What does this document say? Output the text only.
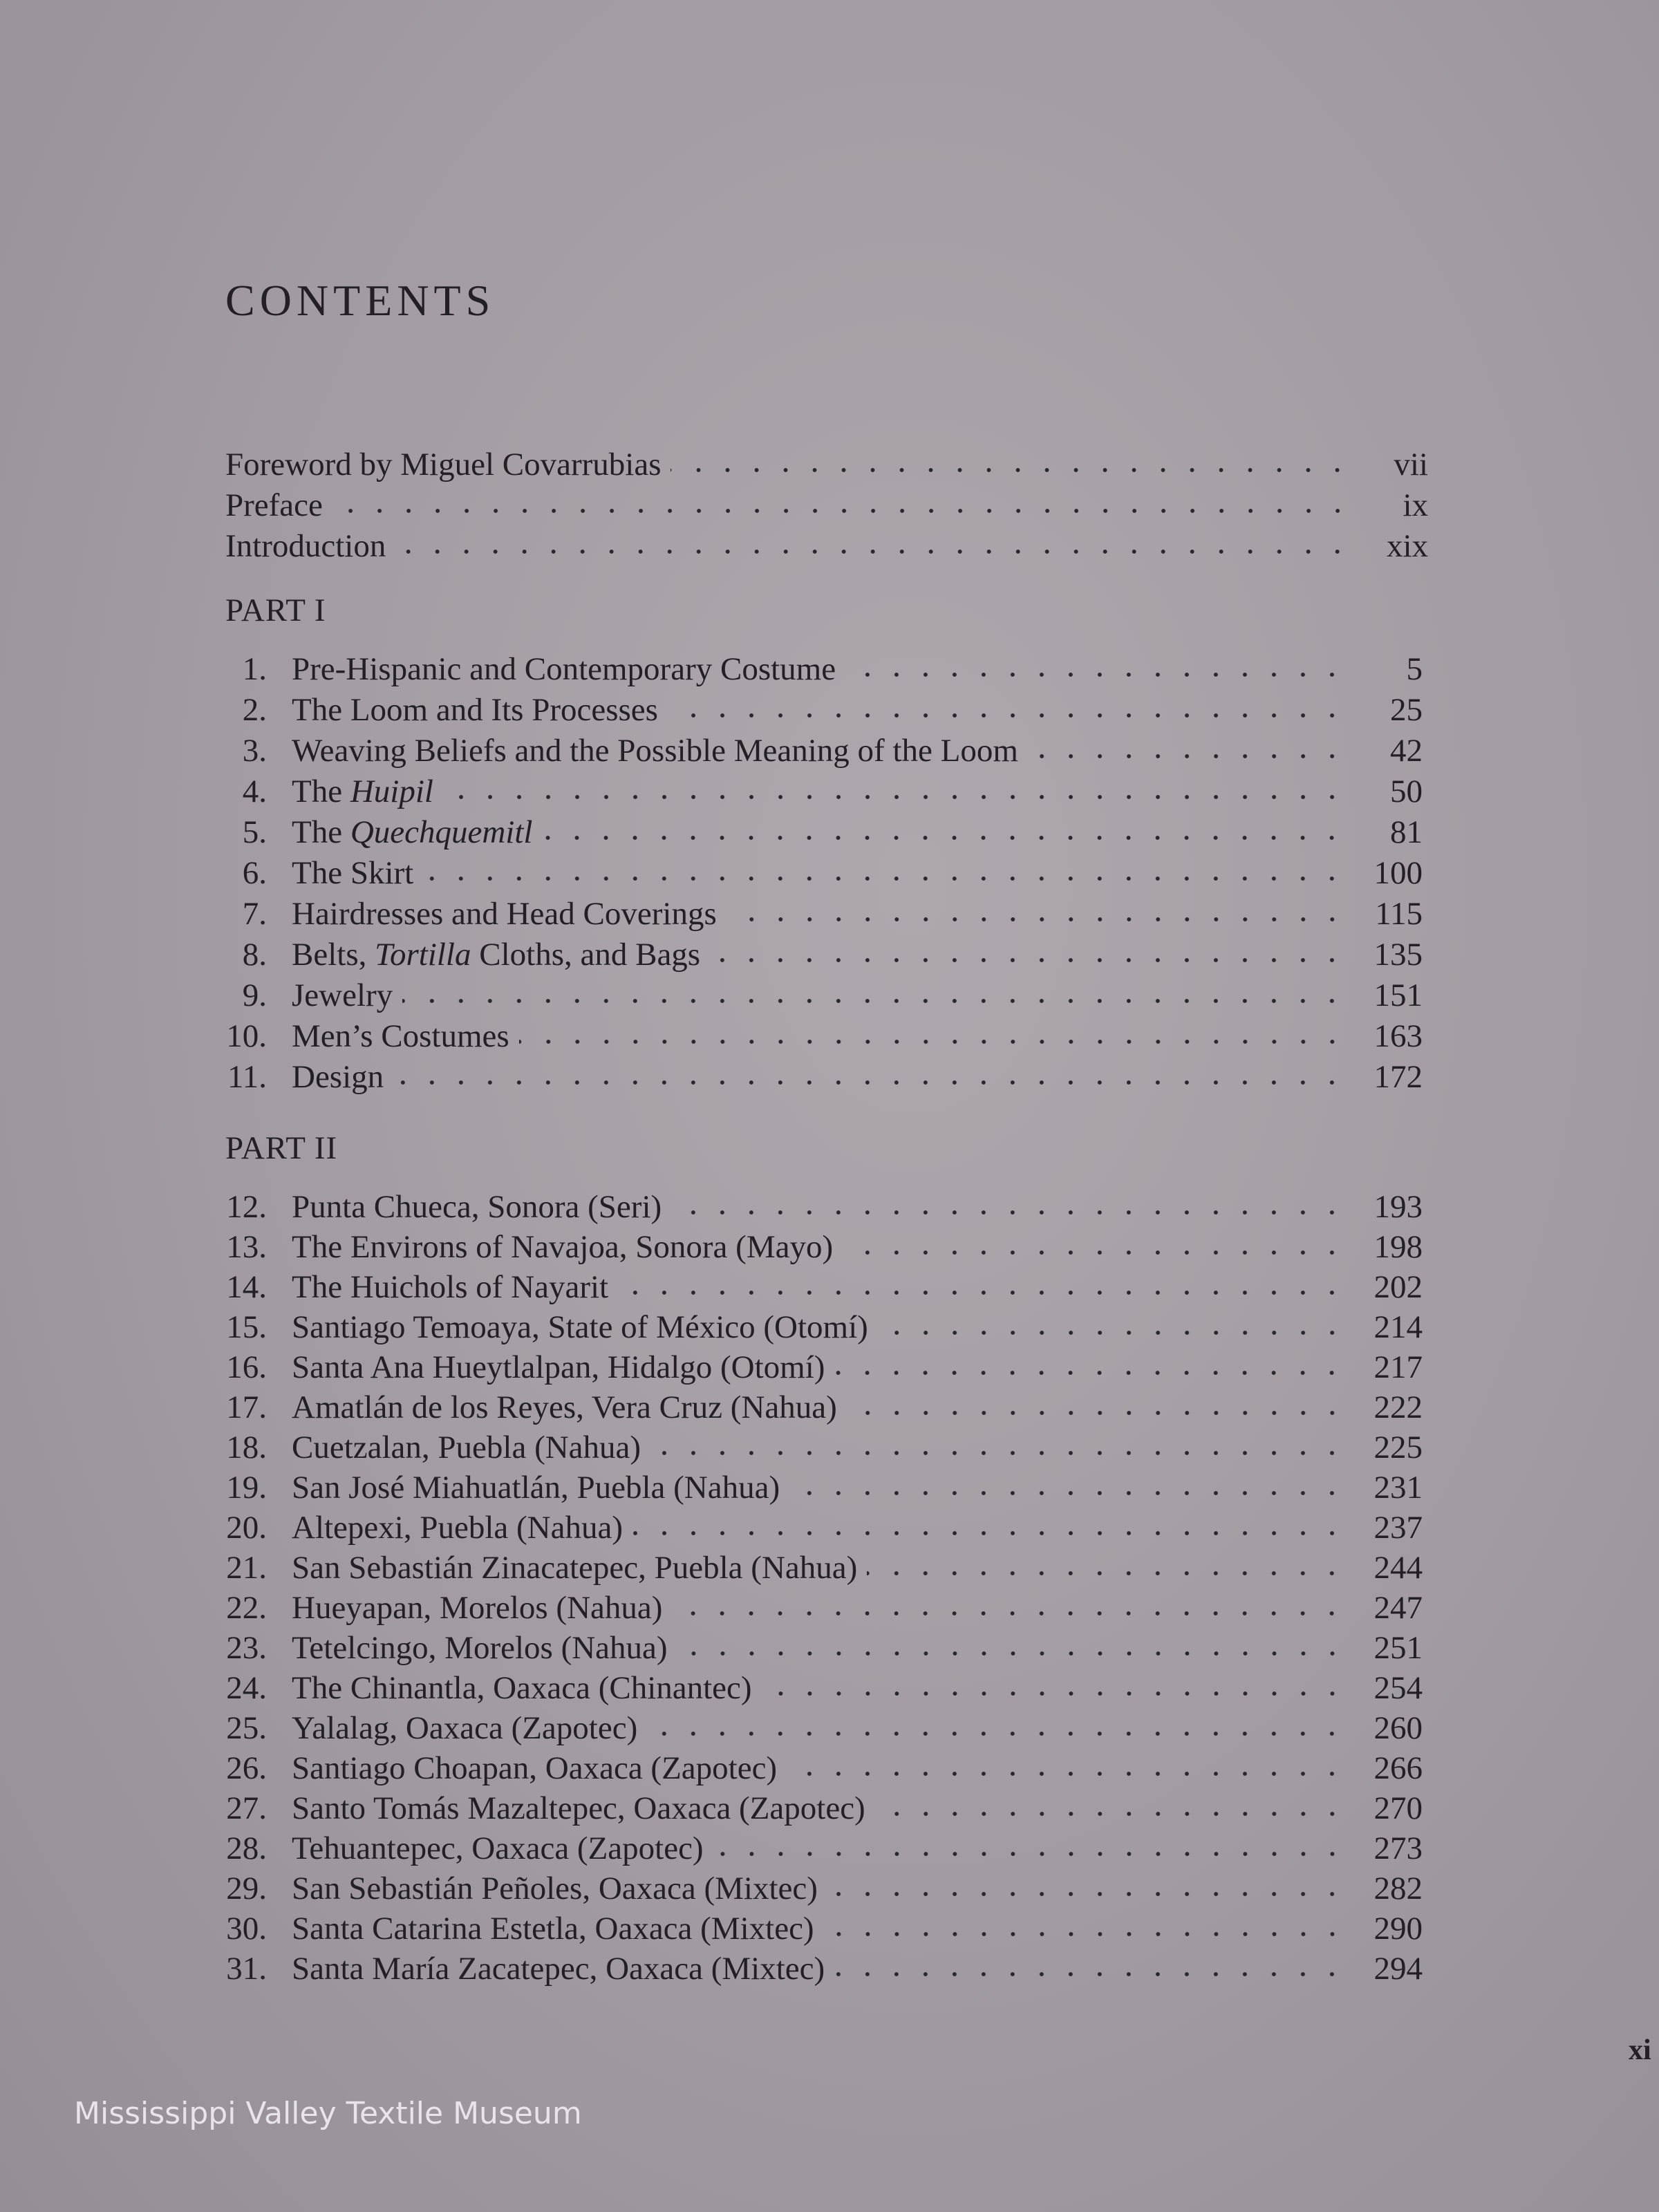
CONTENTS
Foreword by Miguel Covarrubias	vii
Preface	ix
Introduction	xix
PART I
1. Pre-Hispanic and Contemporary Costume	5
2. The Loom and Its Processes	25
3. Weaving Beliefs and the Possible Meaning of the Loom	42
4. The Huipil	50
5. The Quechquemitl	81
6. The Skirt	100
7. Hairdresses and Head Coverings	115
8. Belts, Tortilla Cloths, and Bags	135
9. Jewelry	151
10. Men’s Costumes	163
11. Design	172
PART II
12. Punta Chueca, Sonora (Seri)	193
13. The Environs of Navajoa, Sonora (Mayo)	198
14. The Huichols of Nayarit	202
15. Santiago Temoaya, State of México (Otomí)	214
16. Santa Ana Hueytlalpan, Hidalgo (Otomí)	217
17. Amatlán de los Reyes, Vera Cruz (Nahua)	222
18. Cuetzalan, Puebla (Nahua)	225
19. San José Miahuatlán, Puebla (Nahua)	231
20. Altepexi, Puebla (Nahua)	237
21. San Sebastián Zinacatepec, Puebla (Nahua)	244
22. Hueyapan, Morelos (Nahua)	247
23. Tetelcingo, Morelos (Nahua)	251
24. The Chinantla, Oaxaca (Chinantec)	254
25. Yalalag, Oaxaca (Zapotec)	260
26. Santiago Choapan, Oaxaca (Zapotec)	266
27. Santo Tomás Mazaltepec, Oaxaca (Zapotec)	270
28. Tehuantepec, Oaxaca (Zapotec)	273
29. San Sebastián Peñoles, Oaxaca (Mixtec)	282
30. Santa Catarina Estetla, Oaxaca (Mixtec)	290
31. Santa María Zacatepec, Oaxaca (Mixtec)	294
xi
Mississippi Valley Textile Museum
